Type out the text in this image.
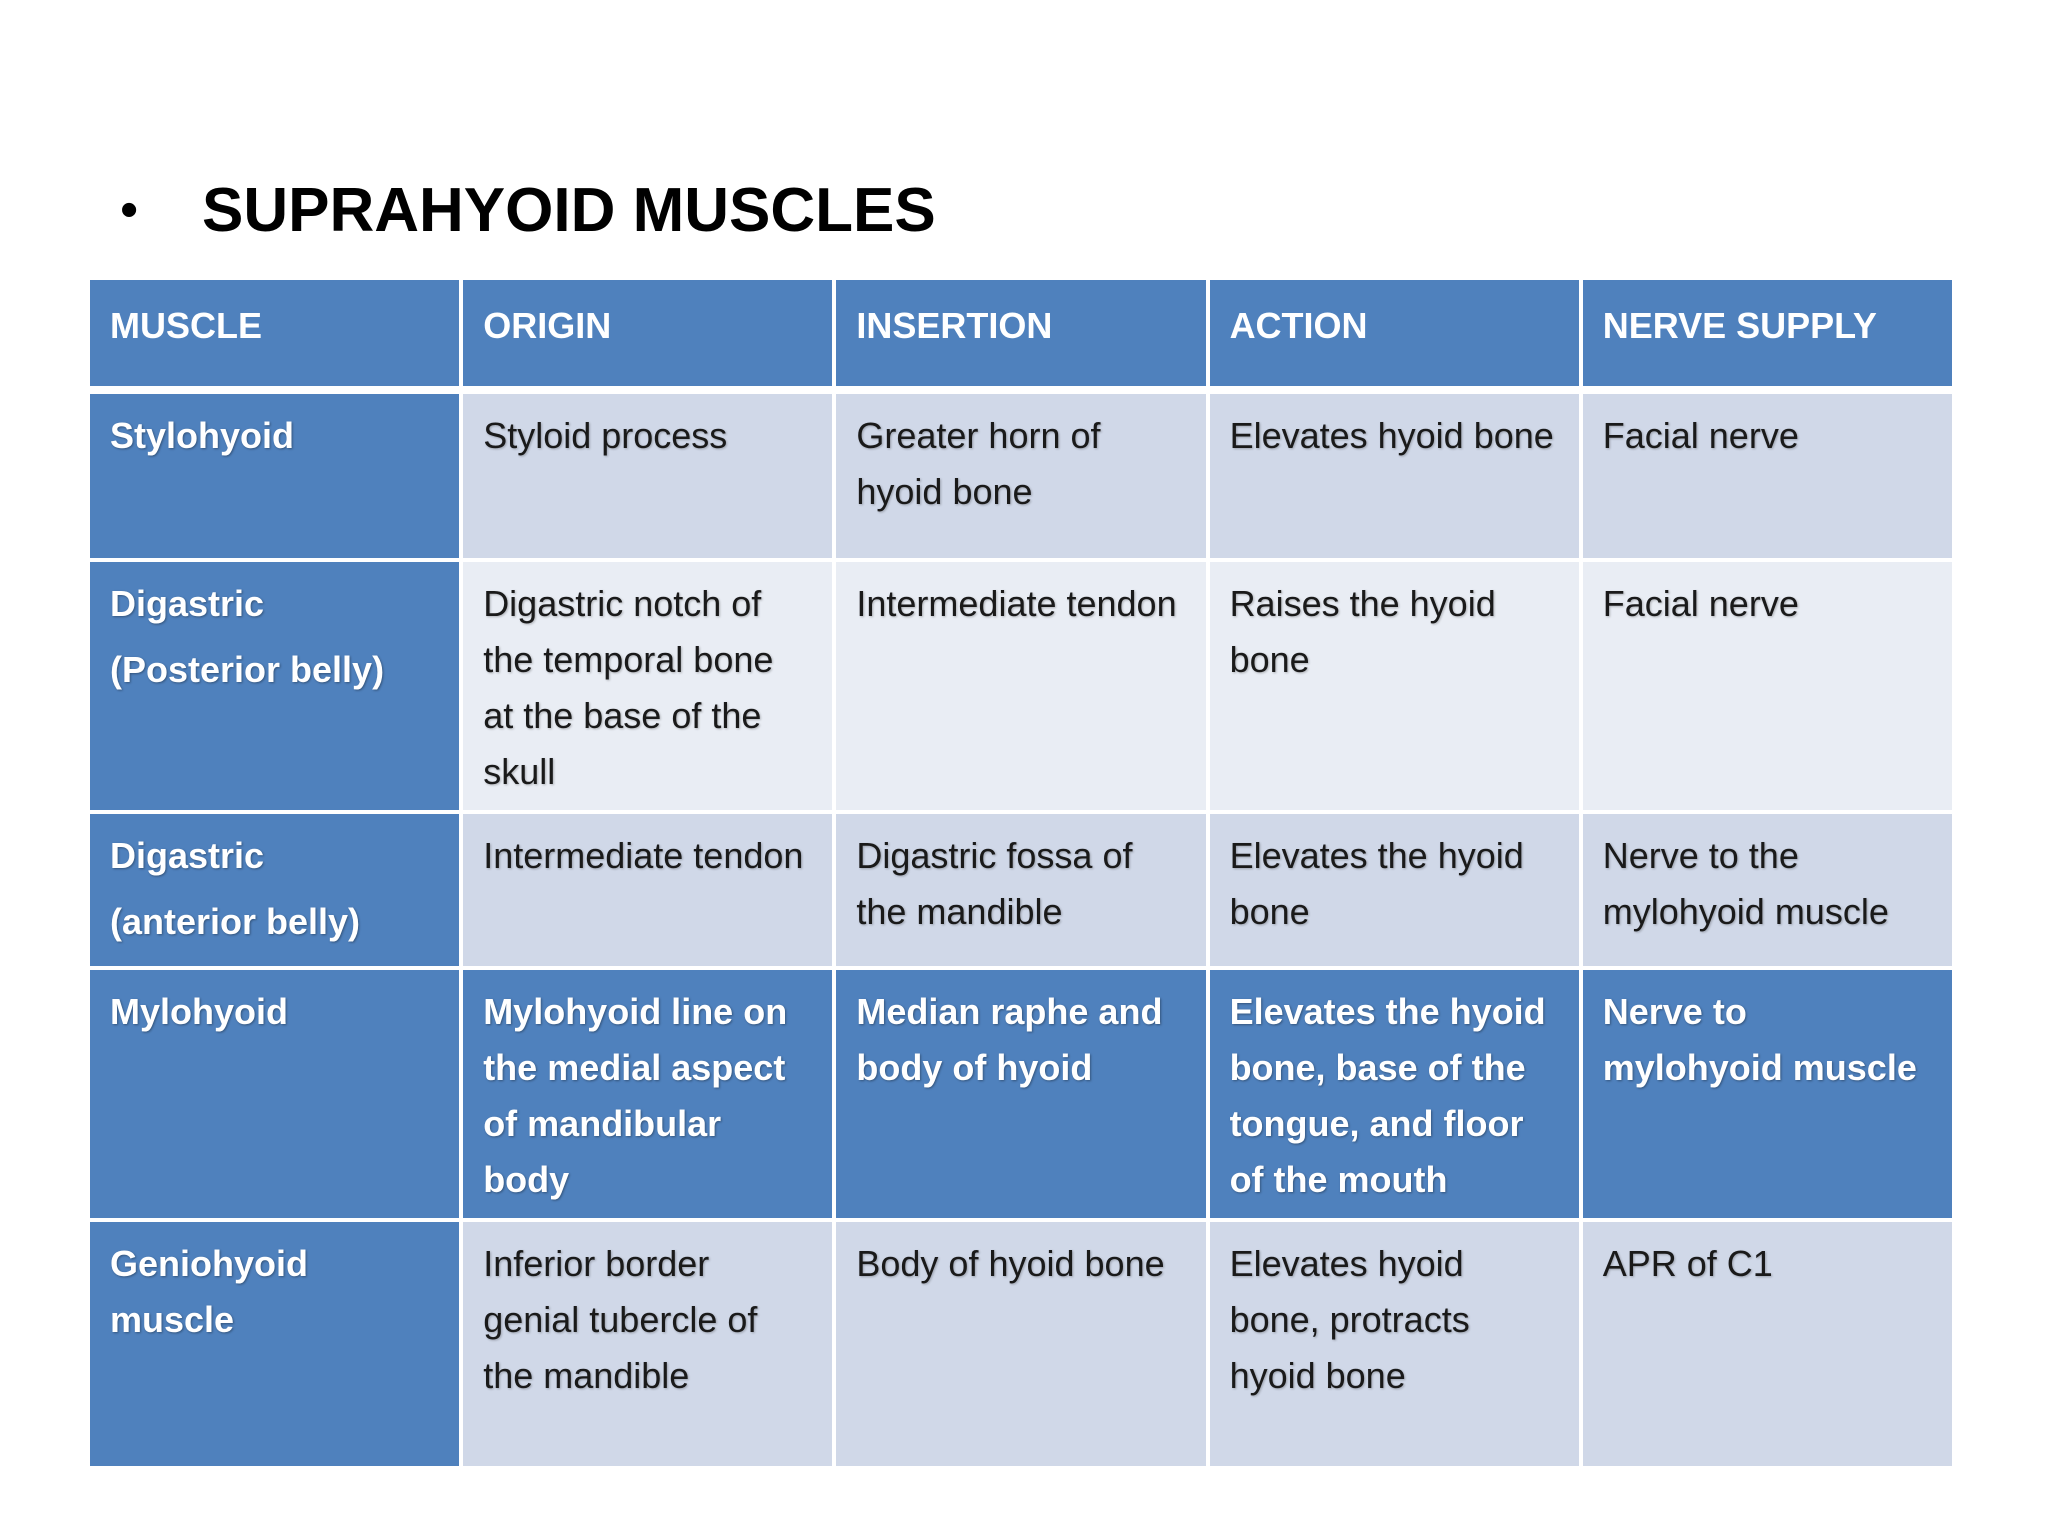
•	SUPRAHYOID MUSCLES
MUSCLE	ORIGIN	INSERTION	ACTION	NERVE SUPPLY

Stylohyoid	Styloid process	Greater horn of hyoid bone	Elevates hyoid bone	Facial nerve

Digastric
(Posterior belly)	Digastric notch of the temporal bone at the base of the skull	Intermediate tendon	Raises the hyoid bone	Facial nerve

Digastric
(anterior belly)	Intermediate tendon	Digastric fossa of the mandible	Elevates the hyoid bone	Nerve to the mylohyoid muscle

Mylohyoid	Mylohyoid line on the medial aspect of mandibular body	Median raphe and body of hyoid	Elevates the hyoid bone, base of the tongue, and floor of the mouth	Nerve to mylohyoid muscle

Geniohyoid muscle	Inferior border genial tubercle of the mandible	Body of hyoid bone	Elevates hyoid bone, protracts hyoid bone	APR of C1
